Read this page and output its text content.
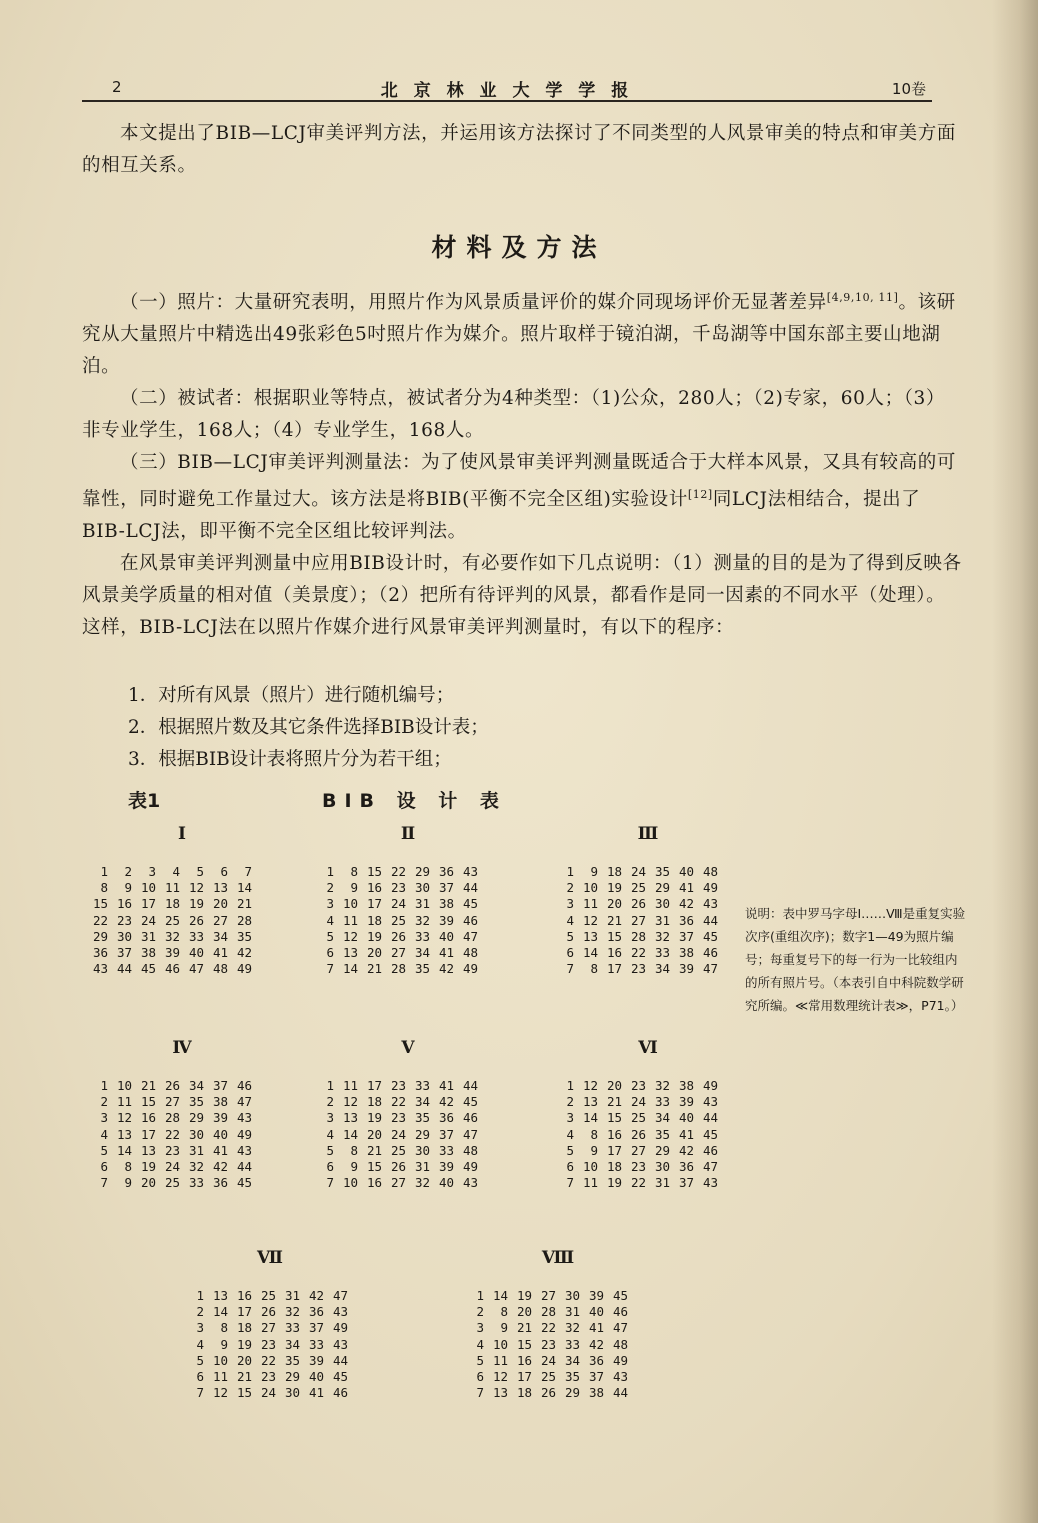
2	北 京 林 业 大 学 学 报	10卷

本文提出了BIB—LCJ审美评判方法，并运用该方法探讨了不同类型的人风景审美的特点和审美方面的相互关系。

材料及方法

（一）照片：大量研究表明，用照片作为风景质量评价的媒介同现场评价无显著差异[4,9,10, 11]。该研究从大量照片中精选出49张彩色5吋照片作为媒介。照片取样于镜泊湖，千岛湖等中国东部主要山地湖泊。

（二）被试者：根据职业等特点，被试者分为4种类型：（1)公众，280人；（2)专家，60人；（3）非专业学生，168人；（4）专业学生，168人。

（三）BIB—LCJ审美评判测量法：为了使风景审美评判测量既适合于大样本风景，又具有较高的可靠性，同时避免工作量过大。该方法是将BIB(平衡不完全区组)实验设计[12]同LCJ法相结合，提出了BIB-LCJ法，即平衡不完全区组比较评判法。

在风景审美评判测量中应用BIB设计时，有必要作如下几点说明：（1）测量的目的是为了得到反映各风景美学质量的相对值（美景度）；（2）把所有待评判的风景，都看作是同一因素的不同水平（处理）。这样，BIB-LCJ法在以照片作媒介进行风景审美评判测量时，有以下的程序：

1．对所有风景（照片）进行随机编号；
2．根据照片数及其它条件选择BIB设计表；
3．根据BIB设计表将照片分为若干组；
表1	BIB 设 计 表
Ⅰ
1 2 3 4 5 6 7
8 9 10 11 12 13 14
15 16 17 18 19 20 21
22 23 24 25 26 27 28
29 30 31 32 33 34 35
36 37 38 39 40 41 42
43 44 45 46 47 48 49
Ⅱ
1 8 15 22 29 36 43
2 9 16 23 30 37 44
3 10 17 24 31 38 45
4 11 18 25 32 39 46
5 12 19 26 33 40 47
6 13 20 27 34 41 48
7 14 21 28 35 42 49
Ⅲ
1 9 18 24 35 40 48
2 10 19 25 29 41 49
3 11 20 26 30 42 43
4 12 21 27 31 36 44
5 13 15 28 32 37 45
6 14 16 22 33 38 46
7 8 17 23 34 39 47
Ⅳ
1 10 21 26 34 37 46
2 11 15 27 35 38 47
3 12 16 28 29 39 43
4 13 17 22 30 40 49
5 14 13 23 31 41 43
6 8 19 24 32 42 44
7 9 20 25 33 36 45
Ⅴ
1 11 17 23 33 41 44
2 12 18 22 34 42 45
3 13 19 23 35 36 46
4 14 20 24 29 37 47
5 8 21 25 30 33 48
6 9 15 26 31 39 49
7 10 16 27 32 40 43
Ⅵ
1 12 20 23 32 38 49
2 13 21 24 33 39 43
3 14 15 25 34 40 44
4 8 16 26 35 41 45
5 9 17 27 29 42 46
6 10 18 23 30 36 47
7 11 19 22 31 37 43
Ⅶ
1 13 16 25 31 42 47
2 14 17 26 32 36 43
3 8 18 27 33 37 49
4 9 19 23 34 33 43
5 10 20 22 35 39 44
6 11 21 23 29 40 45
7 12 15 24 30 41 46
Ⅷ
1 14 19 27 30 39 45
2 8 20 28 31 40 46
3 9 21 22 32 41 47
4 10 15 23 33 42 48
5 11 16 24 34 36 49
6 12 17 25 35 37 43
7 13 18 26 29 38 44
说明：表中罗马字母Ⅰ……Ⅷ是重复实验次序(重组次序)；数字1—49为照片编号；每重复号下的每一行为一比较组内的所有照片号。（本表引自中科院数学研究所编。≪常用数理统计表≫，P71。）
